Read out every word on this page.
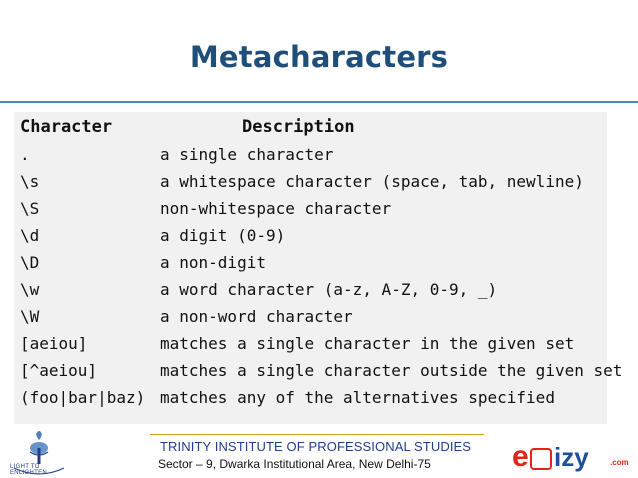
Metacharacters
Character	Description
.	a single character
\s	a whitespace character (space, tab, newline)
\S	non-whitespace character
\d	a digit (0-9)
\D	a non-digit
\w	a word character (a-z, A-Z, 0-9, _)
\W	a non-word character
[aeiou]	matches a single character in the given set
[^aeiou]	matches a single character outside the given set
(foo|bar|baz) matches any of the alternatives specified
LIGHT TO ENLIGHTEN
TRINITY INSTITUTE OF PROFESSIONAL STUDIES
Sector – 9, Dwarka Institutional Area, New Delhi-75	e izy	.com
